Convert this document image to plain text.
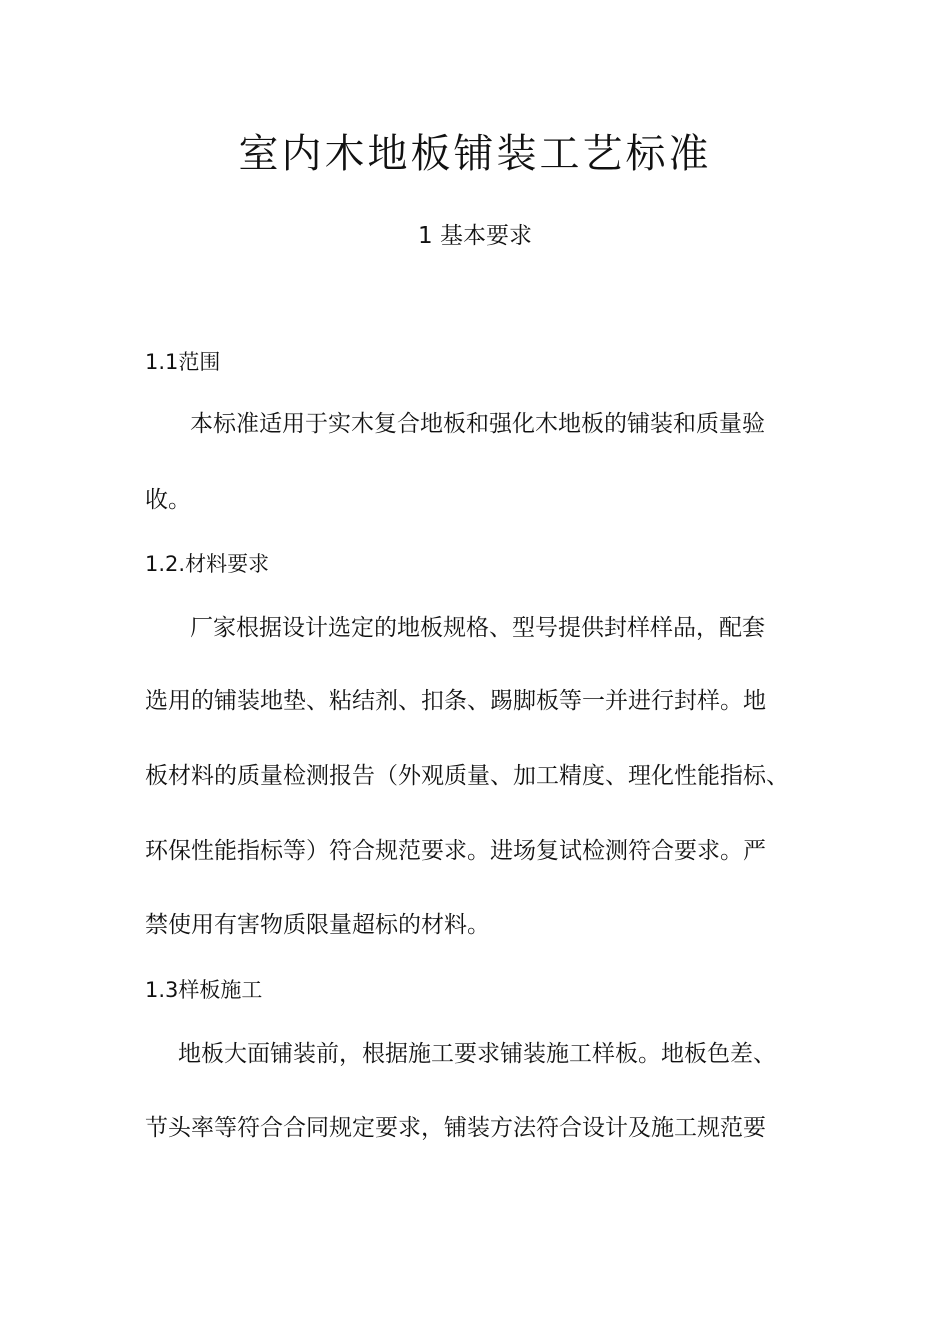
室内木地板铺装工艺标准
1 基本要求
1.1范围
本标准适用于实木复合地板和强化木地板的铺装和质量验
收。
1.2.材料要求
厂家根据设计选定的地板规格、型号提供封样样品，配套
选用的铺装地垫、粘结剂、扣条、踢脚板等一并进行封样。地
板材料的质量检测报告（外观质量、加工精度、理化性能指标、
环保性能指标等）符合规范要求。进场复试检测符合要求。严
禁使用有害物质限量超标的材料。
1.3样板施工
地板大面铺装前，根据施工要求铺装施工样板。地板色差、
节头率等符合合同规定要求，铺装方法符合设计及施工规范要
